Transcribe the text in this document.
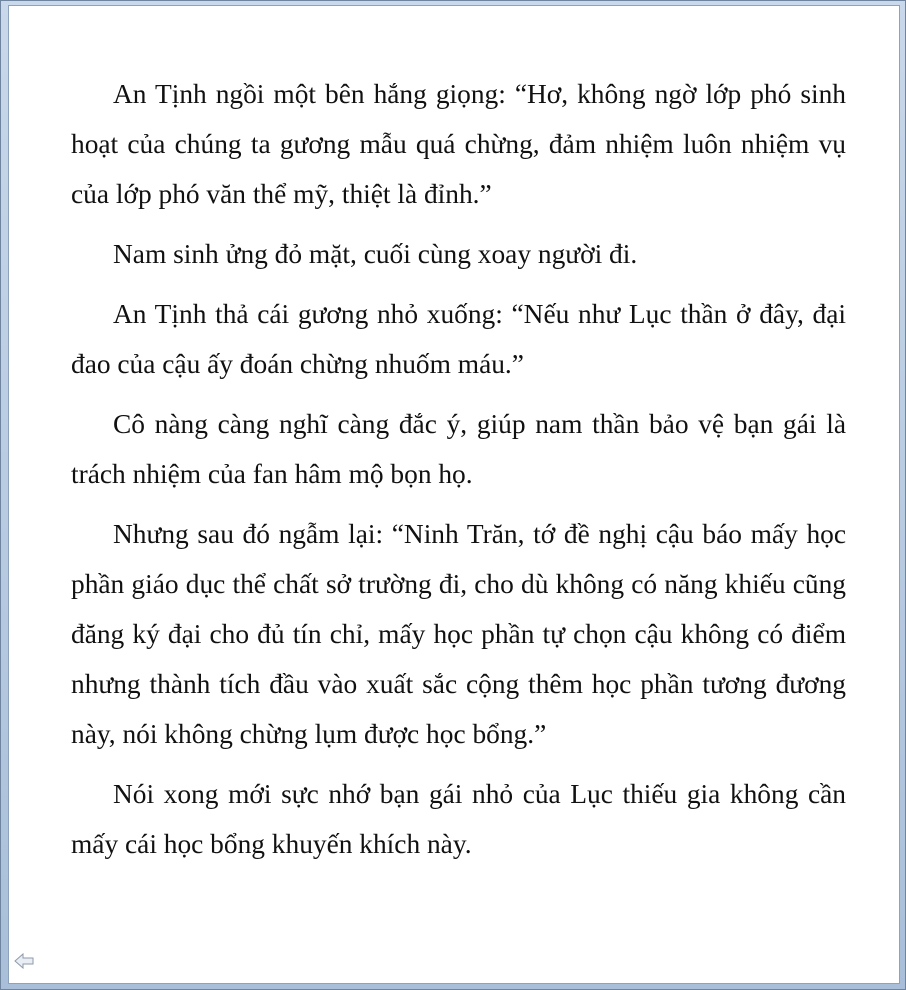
An Tịnh ngồi một bên hắng giọng: “Hơ, không ngờ lớp phó sinh hoạt của chúng ta gương mẫu quá chừng, đảm nhiệm luôn nhiệm vụ của lớp phó văn thể mỹ, thiệt là đỉnh.”

Nam sinh ửng đỏ mặt, cuối cùng xoay người đi.

An Tịnh thả cái gương nhỏ xuống: “Nếu như Lục thần ở đây, đại đao của cậu ấy đoán chừng nhuốm máu.”

Cô nàng càng nghĩ càng đắc ý, giúp nam thần bảo vệ bạn gái là trách nhiệm của fan hâm mộ bọn họ.

Nhưng sau đó ngẫm lại: “Ninh Trăn, tớ đề nghị cậu báo mấy học phần giáo dục thể chất sở trường đi, cho dù không có năng khiếu cũng đăng ký đại cho đủ tín chỉ, mấy học phần tự chọn cậu không có điểm nhưng thành tích đầu vào xuất sắc cộng thêm học phần tương đương này, nói không chừng lụm được học bổng.”

Nói xong mới sực nhớ bạn gái nhỏ của Lục thiếu gia không cần mấy cái học bổng khuyến khích này.
